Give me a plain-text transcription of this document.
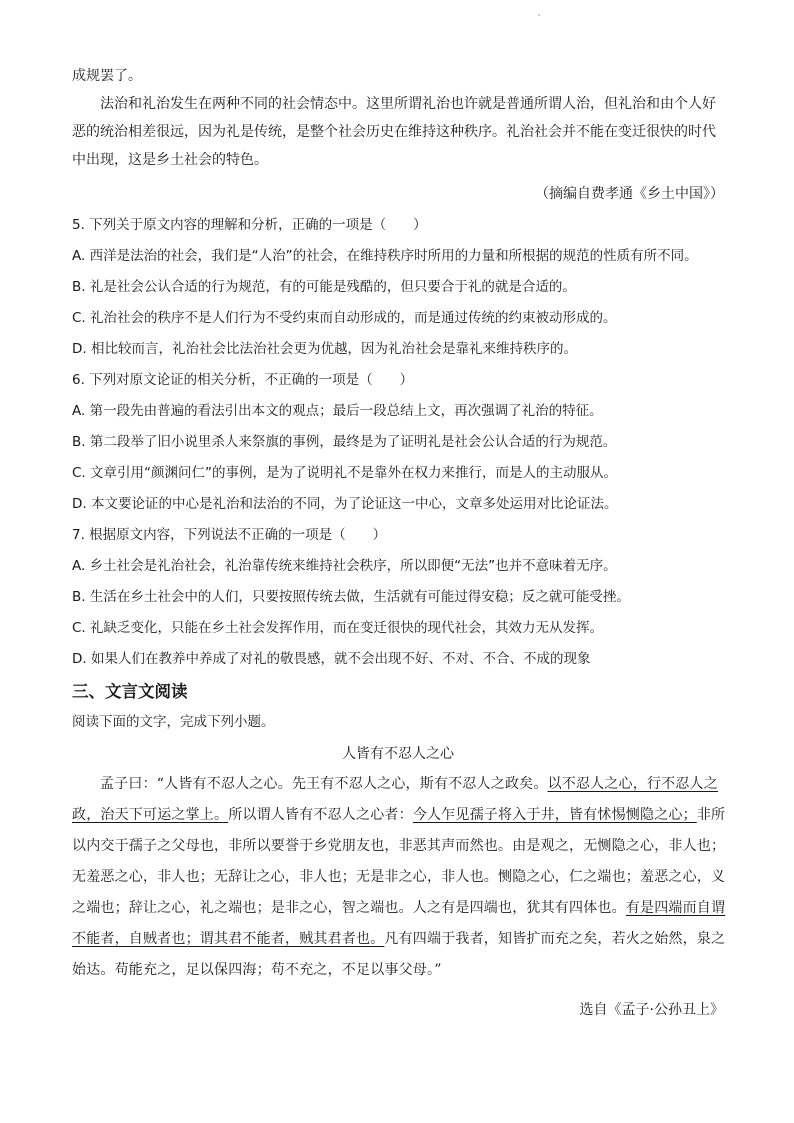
成规罢了。

法治和礼治发生在两种不同的社会情态中。这里所谓礼治也许就是普通所谓人治，但礼治和由个人好

恶的统治相差很远，因为礼是传统，是整个社会历史在维持这种秩序。礼治社会并不能在变迁很快的时代

中出现，这是乡土社会的特色。

（摘编自费孝通《乡土中国》）
5. 下列关于原文内容的理解和分析，正确的一项是（　　）
A. 西洋是法治的社会，我们是“人治”的社会，在维持秩序时所用的力量和所根据的规范的性质有所不同。
B. 礼是社会公认合适的行为规范，有的可能是残酷的，但只要合于礼的就是合适的。
C. 礼治社会的秩序不是人们行为不受约束而自动形成的，而是通过传统的约束被动形成的。
D. 相比较而言，礼治社会比法治社会更为优越，因为礼治社会是靠礼来维持秩序的。
6. 下列对原文论证的相关分析，不正确的一项是（　　）
A. 第一段先由普遍的看法引出本文的观点；最后一段总结上文，再次强调了礼治的特征。
B. 第二段举了旧小说里杀人来祭旗的事例，最终是为了证明礼是社会公认合适的行为规范。
C. 文章引用“颜渊问仁”的事例，是为了说明礼不是靠外在权力来推行，而是人的主动服从。
D. 本文要论证的中心是礼治和法治的不同，为了论证这一中心，文章多处运用对比论证法。
7. 根据原文内容，下列说法不正确的一项是（　　）
A. 乡土社会是礼治社会，礼治靠传统来维持社会秩序，所以即便“无法”也并不意味着无序。
B. 生活在乡土社会中的人们，只要按照传统去做，生活就有可能过得安稳；反之就可能受挫。
C. 礼缺乏变化，只能在乡土社会发挥作用，而在变迁很快的现代社会，其效力无从发挥。
D. 如果人们在教养中养成了对礼的敬畏感，就不会出现不好、不对、不合、不成的现象
三、文言文阅读
阅读下面的文字，完成下列小题。
人皆有不忍人之心
孟子曰：“人皆有不忍人之心。先王有不忍人之心，斯有不忍人之政矣。以不忍人之心，行不忍人之
政，治天下可运之掌上。所以谓人皆有不忍人之心者：今人乍见孺子将入于井，皆有怵惕恻隐之心；非所
以内交于孺子之父母也，非所以要誉于乡党朋友也，非恶其声而然也。由是观之，无恻隐之心，非人也；
无羞恶之心，非人也；无辞让之心，非人也；无是非之心，非人也。恻隐之心，仁之端也；羞恶之心，义
之端也；辞让之心，礼之端也；是非之心，智之端也。人之有是四端也，犹其有四体也。有是四端而自谓
不能者，自贼者也；谓其君不能者，贼其君者也。凡有四端于我者，知皆扩而充之矣，若火之始然，泉之
始达。苟能充之，足以保四海；苟不充之，不足以事父母。”
选自《孟子·公孙丑上》
